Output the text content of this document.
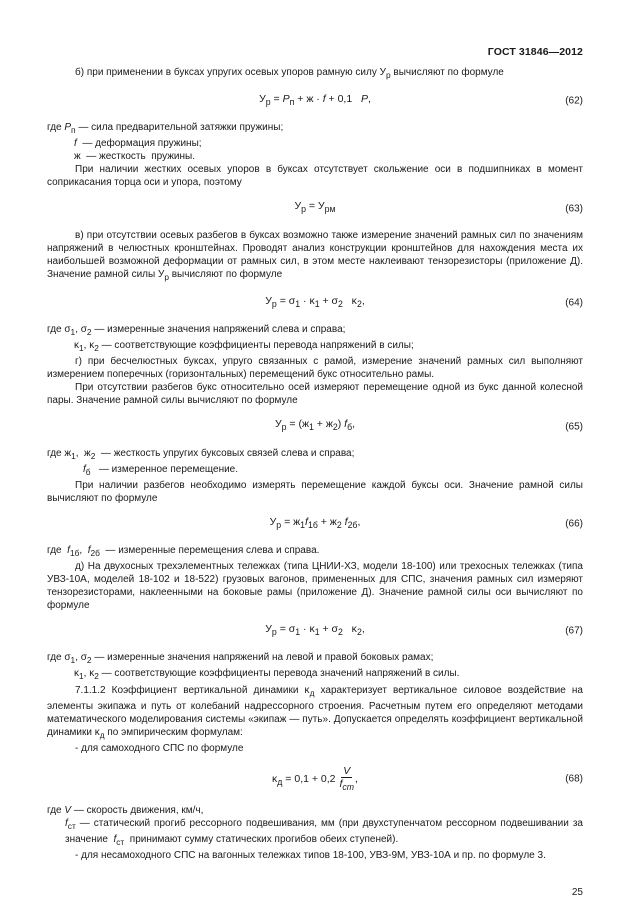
ГОСТ 31846—2012

б) при применении в буксах упругих осевых упоров рамную силу $У_р$ вычисляют по формуле

$У_р = Р_п + ж \cdot f + 0,1$   Р,	(62)

где $Р_п$ — сила предварительной затяжки пружины;

f  — деформация пружины;

ж  — жесткость  пружины.

При наличии жестких осевых упоров в буксах отсутствует скольжение оси в подшипниках в момент соприкасания торца оси и упора, поэтому

$У_р = У_{рм}$	(63)

в) при отсутствии осевых разбегов в буксах возможно также измерение значений рамных сил по значениям напряжений в челюстных кронштейнах. Проводят анализ конструкции кронштейнов для нахождения места их наибольшей возможной деформации от рамных сил, в этом месте наклеивают тензорезисторы (приложение Д). Значение рамной силы $У_р$ вычисляют по формуле

$У_р = \sigma_1 \cdot \kappa_1 + \sigma_2$   $\kappa_2$,	(64)

где $\sigma_1$, $\sigma_2$ — измеренные значения напряжений слева и справа;

$\kappa_1$, $\kappa_2$ — соответствующие коэффициенты перевода напряжений в силы;

г) при бесчелюстных буксах, упруго связанных с рамой, измерение значений рамных сил выполняют измерением поперечных (горизонтальных) перемещений букс относительно рамы.

При отсутствии разбегов букс относительно осей измеряют перемещение одной из букс данной колесной пары. Значение рамной силы вычисляют по формуле

$У_р = (ж_1 + ж_2)$ $f_б$,	(65)

где $ж_1$,  $ж_2$  — жесткость упругих буксовых связей слева и справа;

$f_б$   — измеренное перемещение.

При наличии разбегов необходимо измерять перемещение каждой буксы оси. Значение рамной силы вычисляют по формуле

$У_р = ж_1f_{1б} + ж_2$ $f_{2б}$,	(66)

где  $f_{1б}$,  $f_{2б}$  — измеренные перемещения слева и справа.

д) На двухосных трехэлементных тележках (типа ЦНИИ-ХЗ, модели 18-100) или трехосных тележках (типа УВЗ-10А, моделей 18-102 и 18-522) грузовых вагонов, примененных для СПС, значения рамных сил измеряют тензорезисторами, наклеенными на боковые рамы (приложение Д). Значение рамной силы оси вычисляют по формуле

$У_р = \sigma_1 \cdot \kappa_1 + \sigma_2$   $\kappa_2$,	(67)

где $\sigma_1$, $\sigma_2$ — измеренные значения напряжений на левой и правой боковых рамах;

$\kappa_1$, $\kappa_2$ — соответствующие коэффициенты перевода значений напряжений в силы.

7.1.1.2 Коэффициент вертикальной динамики $\kappa_д$ характеризует вертикальное силовое воздействие на элементы экипажа и путь от колебаний надрессорного строения. Расчетным путем его определяют методами математического моделирования системы «экипаж — путь». Допускается определять коэффициент вертикальной динамики $\kappa_д$ по эмпирическим формулам:

- для самоходного СПС по формуле

$\kappa_д = 0,1 + 0,2 \frac{V}{f_{ст}}$ ,	(68)

где V — скорость движения, км/ч,

$f_{ст}$ — статический прогиб рессорного подвешивания, мм (при двухступенчатом рессорном подвешивании за значение  $f_{ст}$  принимают сумму статических прогибов обеих ступеней).

- для несамоходного СПС на вагонных тележках типов 18-100, УВЗ-9М, УВЗ-10А и пр. по формуле 3.

25
